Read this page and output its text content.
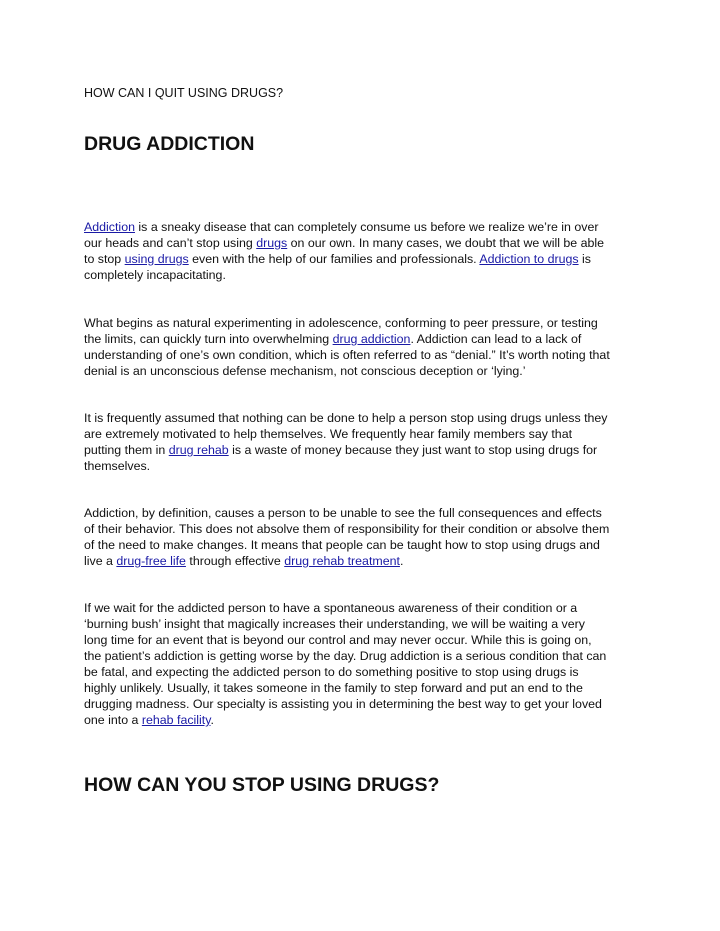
HOW CAN I QUIT USING DRUGS?
DRUG ADDICTION
Addiction is a sneaky disease that can completely consume us before we realize we’re in over
our heads and can’t stop using drugs on our own. In many cases, we doubt that we will be able
to stop using drugs even with the help of our families and professionals. Addiction to drugs is
completely incapacitating.
What begins as natural experimenting in adolescence, conforming to peer pressure, or testing
the limits, can quickly turn into overwhelming drug addiction. Addiction can lead to a lack of
understanding of one’s own condition, which is often referred to as “denial.” It’s worth noting that
denial is an unconscious defense mechanism, not conscious deception or ‘lying.’
It is frequently assumed that nothing can be done to help a person stop using drugs unless they
are extremely motivated to help themselves. We frequently hear family members say that
putting them in drug rehab is a waste of money because they just want to stop using drugs for
themselves.
Addiction, by definition, causes a person to be unable to see the full consequences and effects
of their behavior. This does not absolve them of responsibility for their condition or absolve them
of the need to make changes. It means that people can be taught how to stop using drugs and
live a drug-free life through effective drug rehab treatment.
If we wait for the addicted person to have a spontaneous awareness of their condition or a
‘burning bush’ insight that magically increases their understanding, we will be waiting a very
long time for an event that is beyond our control and may never occur. While this is going on,
the patient’s addiction is getting worse by the day. Drug addiction is a serious condition that can
be fatal, and expecting the addicted person to do something positive to stop using drugs is
highly unlikely. Usually, it takes someone in the family to step forward and put an end to the
drugging madness. Our specialty is assisting you in determining the best way to get your loved
one into a rehab facility.
HOW CAN YOU STOP USING DRUGS?
